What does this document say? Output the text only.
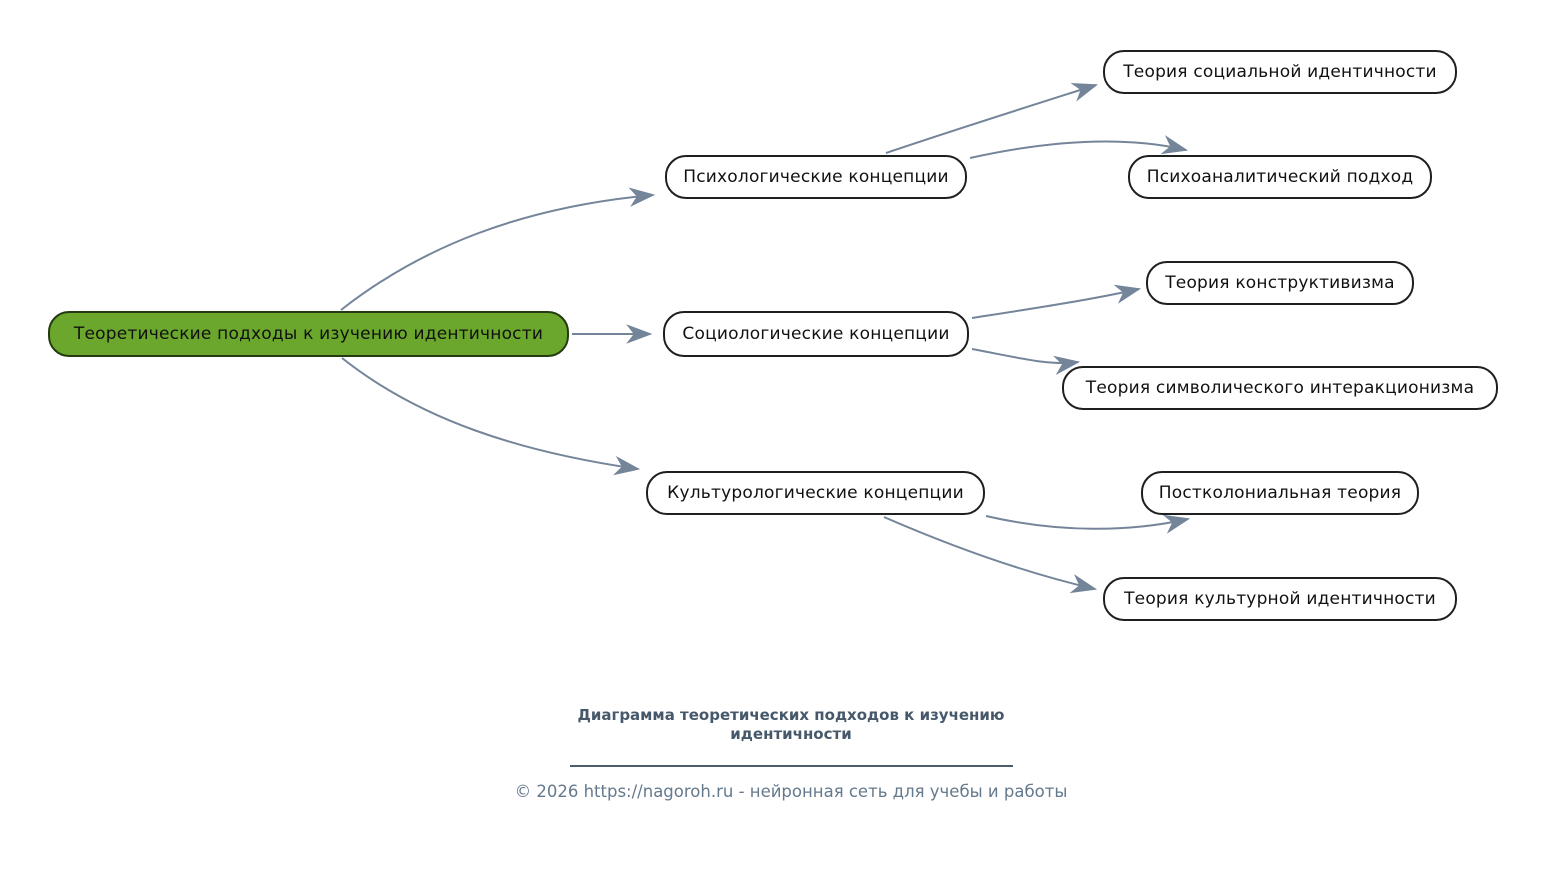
Теоретические подходы к изучению идентичности
Психологические концепции
Социологические концепции
Культурологические концепции
Теория социальной идентичности
Психоаналитический подход
Теория конструктивизма
Теория символического интеракционизма
Постколониальная теория
Теория культурной идентичности
Диаграмма теоретических подходов к изучению идентичности
© 2026 https://nagoroh.ru - нейронная сеть для учебы и работы
